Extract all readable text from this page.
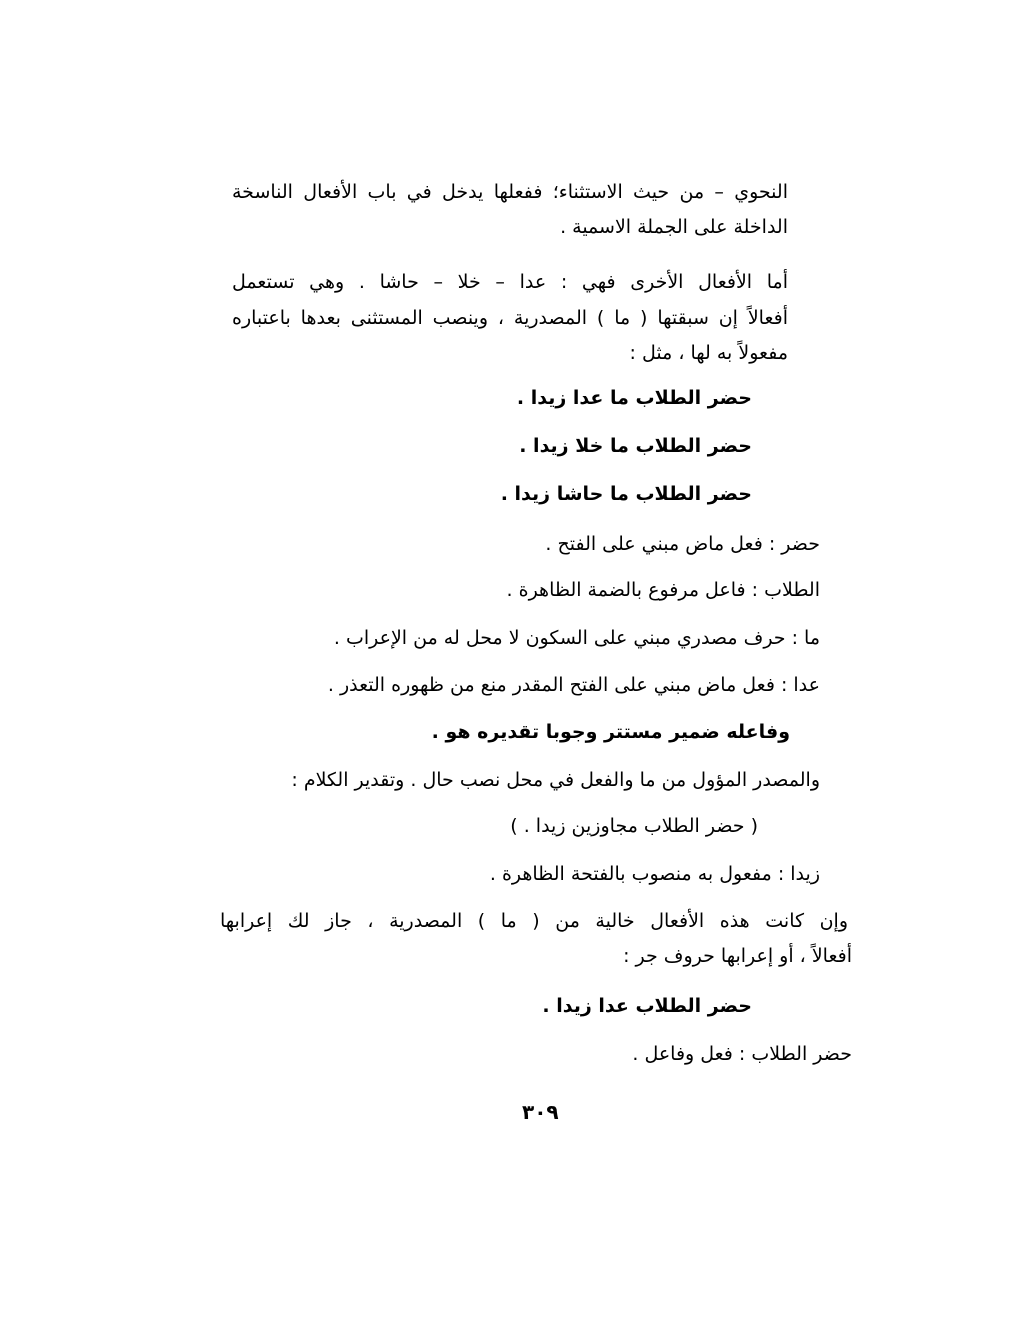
النحوي – من حيث الاستثناء؛ ففعلها يدخل في باب الأفعال الناسخة
الداخلة على الجملة الاسمية .
أما الأفعال الأخرى فهي : عدا – خلا – حاشا . وهي تستعمل
أفعالاً إن سبقتها ( ما ) المصدرية ، وينصب المستثنى بعدها باعتباره
مفعولاً به لها ، مثل :
حضر الطلاب ما عدا زيدا .
حضر الطلاب ما خلا زيدا .
حضر الطلاب ما حاشا زيدا .
حضر : فعل ماض مبني على الفتح .
الطلاب : فاعل مرفوع بالضمة الظاهرة .
ما : حرف مصدري مبني على السكون لا محل له من الإعراب .
عدا : فعل ماض مبني على الفتح المقدر منع من ظهوره التعذر .
وفاعله ضمير مستتر وجوبا تقديره هو .
والمصدر المؤول من ما والفعل في محل نصب حال . وتقدير الكلام :
( حضر الطلاب مجاوزين زيدا . )
زيدا : مفعول به منصوب بالفتحة الظاهرة .
وإن كانت هذه الأفعال خالية من ( ما ) المصدرية ، جاز لك إعرابها
أفعالاً ، أو إعرابها حروف جر :
حضر الطلاب عدا زيدا .
حضر الطلاب : فعل وفاعل .
٣٠٩
